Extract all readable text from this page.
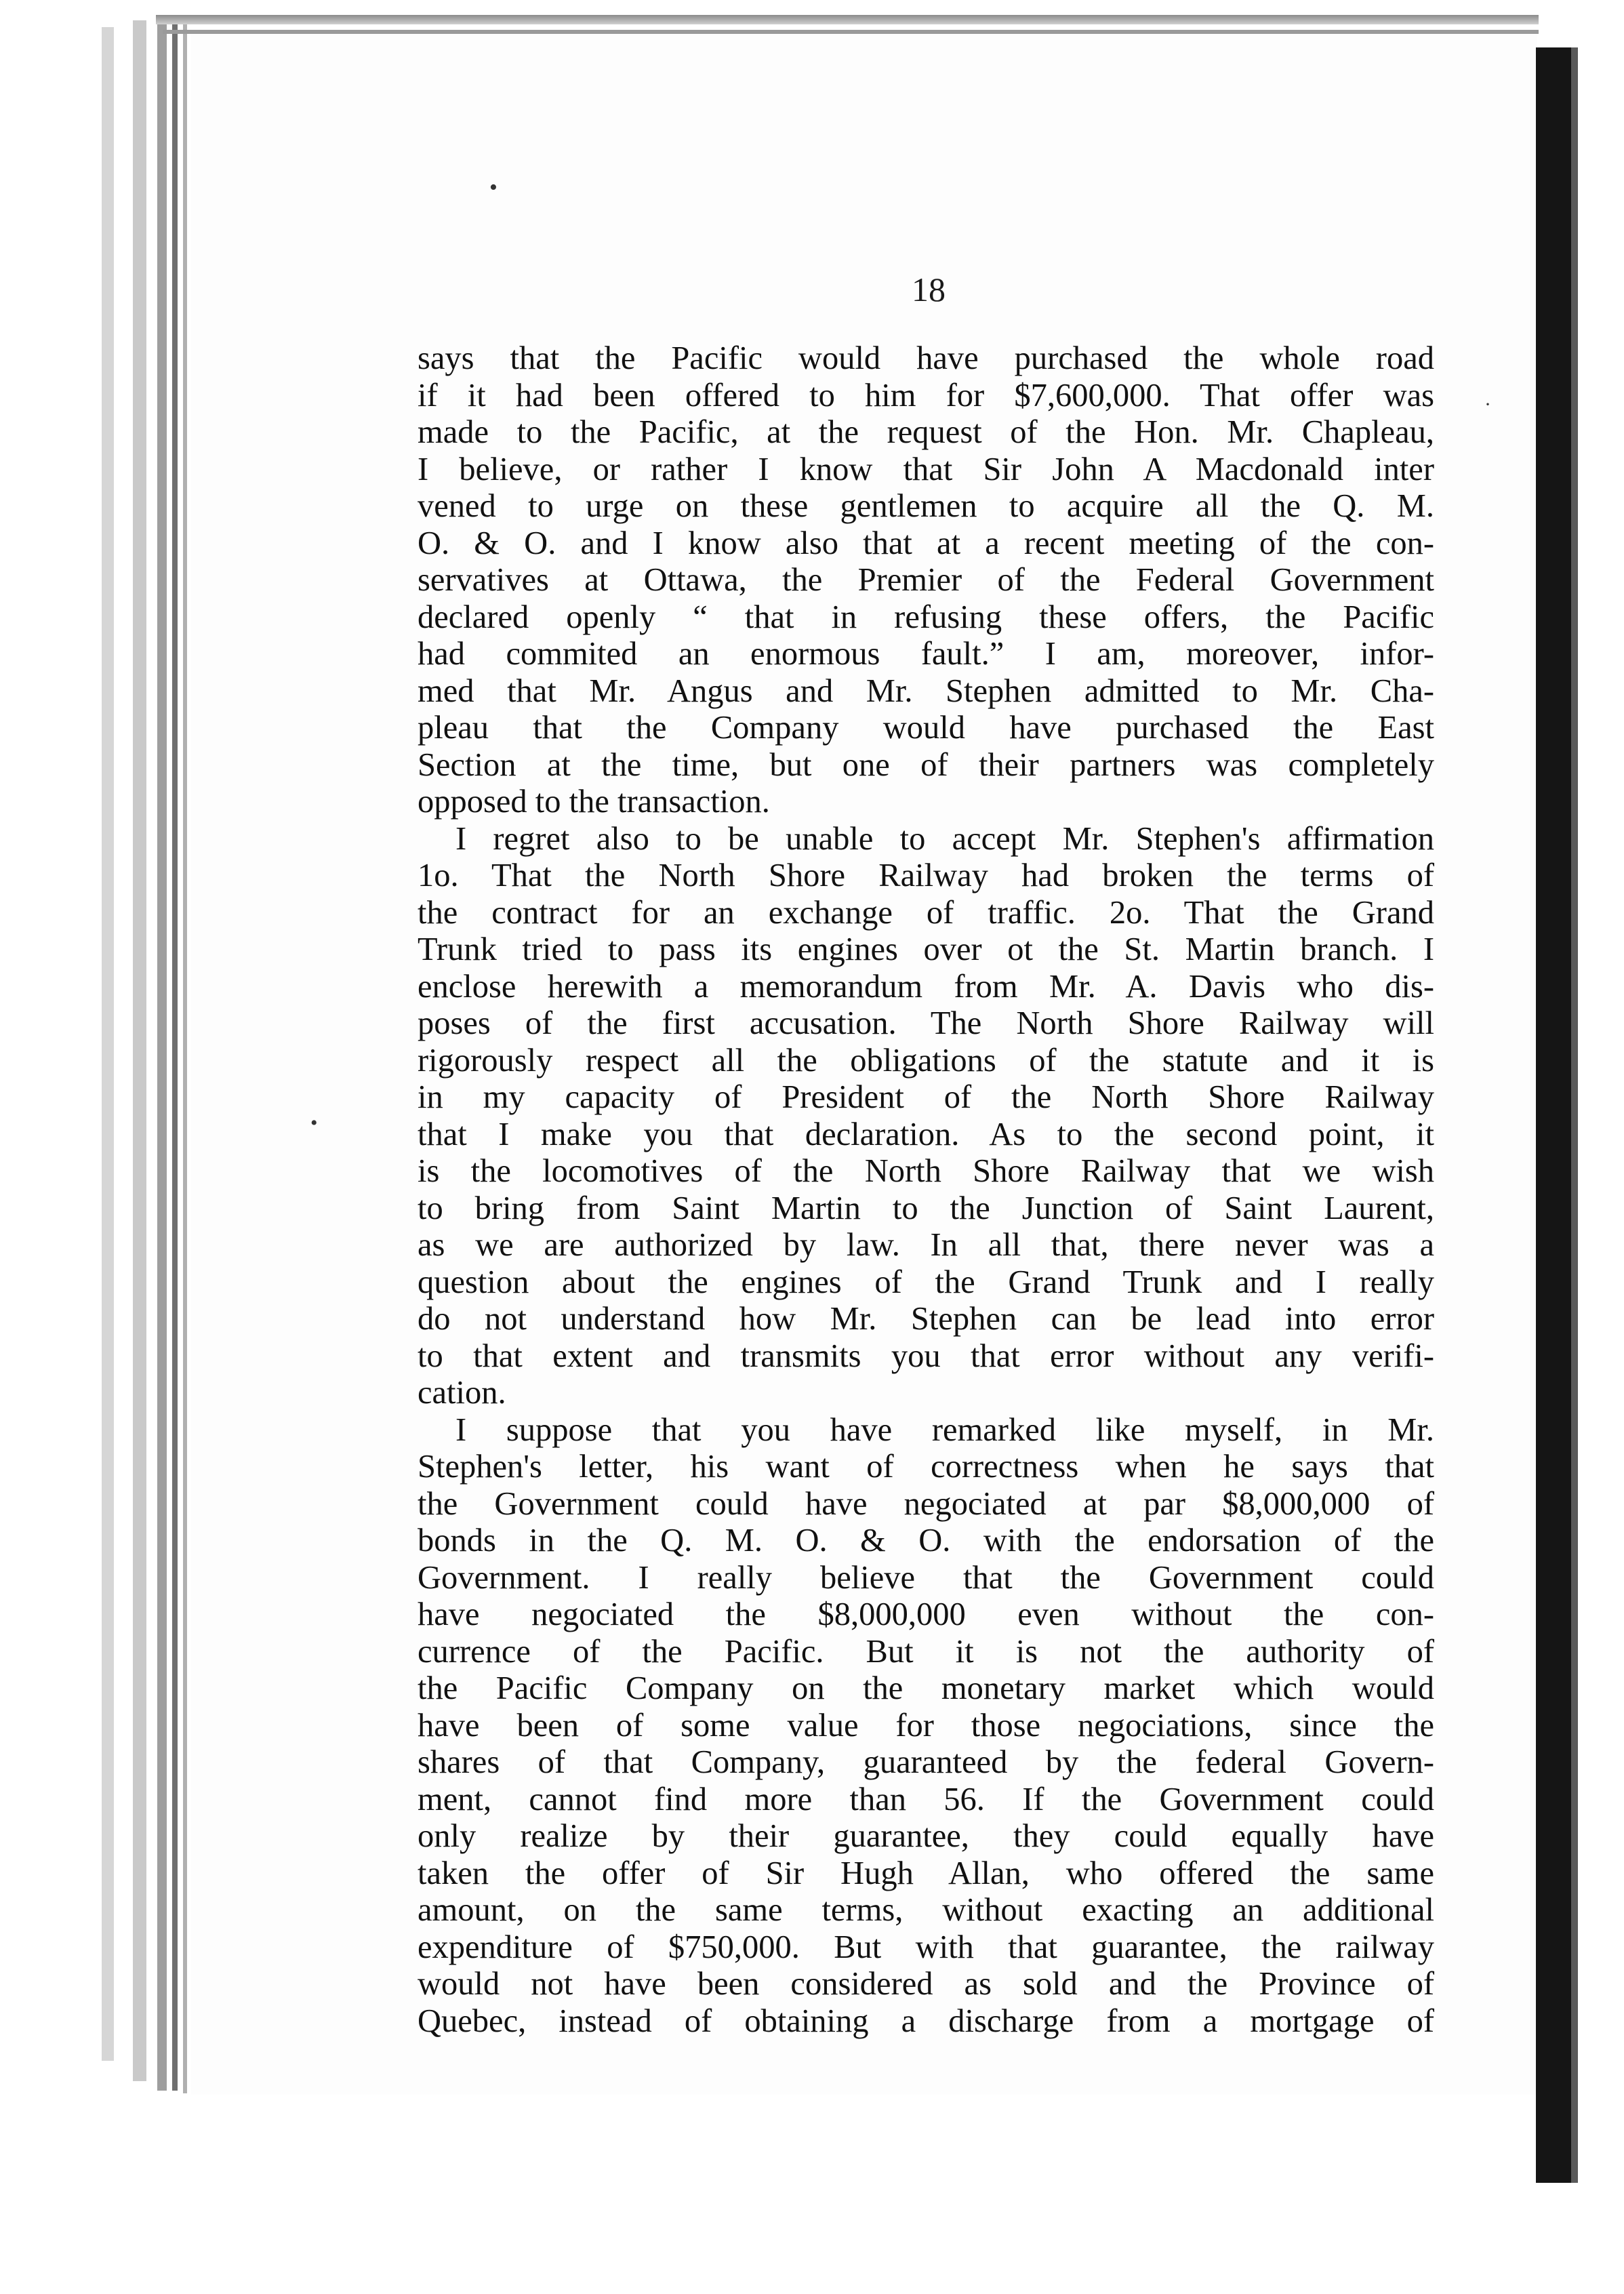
•
•
·
18
says that the Pacific would have purchased the whole road
if it had been offered to him for $7,600,000. That offer was
made to the Pacific, at the request of the Hon. Mr. Chapleau,
I believe, or rather I know that Sir John A Macdonald inter
vened to urge on these gentlemen to acquire all the Q. M.
O. & O. and I know also that at a recent meeting of the con-
servatives at Ottawa, the Premier of the Federal Government
declared openly “ that in refusing these offers, the Pacific
had commited an enormous fault.” I am, moreover, infor-
med that Mr. Angus and Mr. Stephen admitted to Mr. Cha-
pleau that the Company would have purchased the East
Section at the time, but one of their partners was completely
opposed to the transaction.
I regret also to be unable to accept Mr. Stephen's affirmation
1o. That the North Shore Railway had broken the terms of
the contract for an exchange of traffic. 2o. That the Grand
Trunk tried to pass its engines over ot the St. Martin branch. I
enclose herewith a memorandum from Mr. A. Davis who dis-
poses of the first accusation. The North Shore Railway will
rigorously respect all the obligations of the statute and it is
in my capacity of President of the North Shore Railway
that I make you that declaration. As to the second point, it
is the locomotives of the North Shore Railway that we wish
to bring from Saint Martin to the Junction of Saint Laurent,
as we are authorized by law. In all that, there never was a
question about the engines of the Grand Trunk and I really
do not understand how Mr. Stephen can be lead into error
to that extent and transmits you that error without any verifi-
cation.
I suppose that you have remarked like myself, in Mr.
Stephen's letter, his want of correctness when he says that
the Government could have negociated at par $8,000,000 of
bonds in the Q. M. O. & O. with the endorsation of the
Government. I really believe that the Government could
have negociated the $8,000,000 even without the con-
currence of the Pacific. But it is not the authority of
the Pacific Company on the monetary market which would
have been of some value for those negociations, since the
shares of that Company, guaranteed by the federal Govern-
ment, cannot find more than 56. If the Government could
only realize by their guarantee, they could equally have
taken the offer of Sir Hugh Allan, who offered the same
amount, on the same terms, without exacting an additional
expenditure of $750,000. But with that guarantee, the railway
would not have been considered as sold and the Province of
Quebec, instead of obtaining a discharge from a mortgage of
